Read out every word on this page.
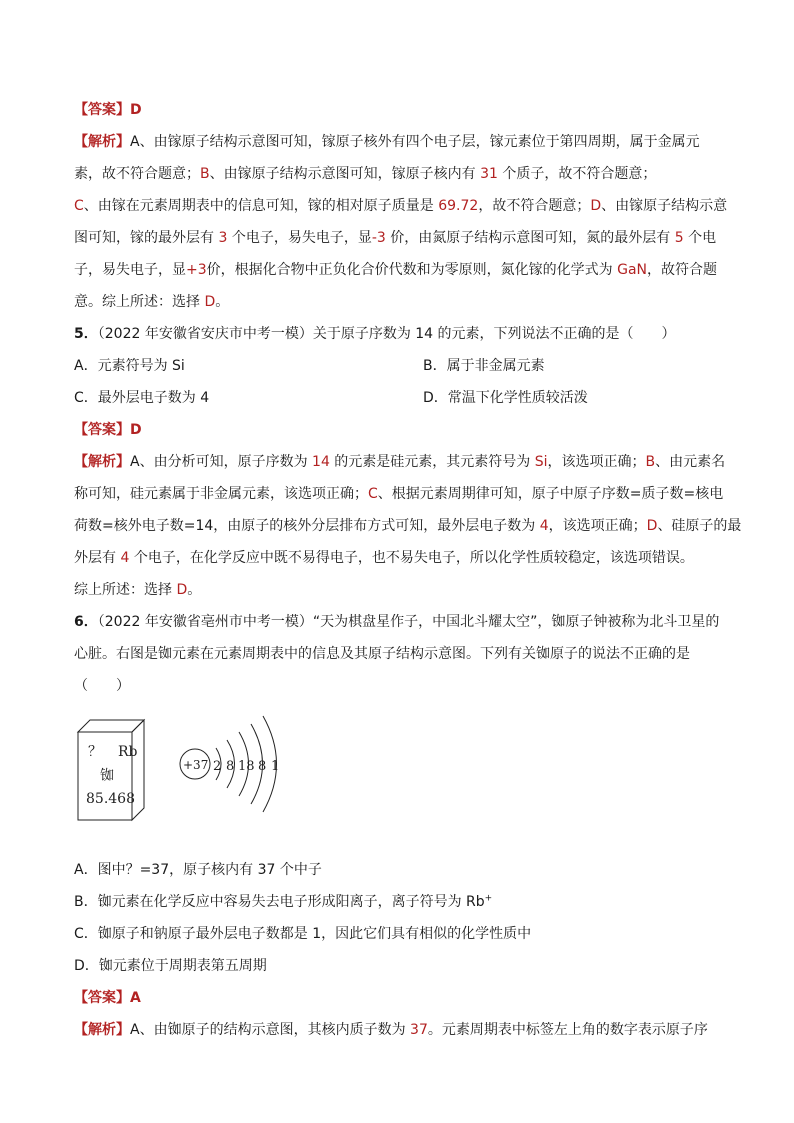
【答案】D
【解析】A、由镓原子结构示意图可知，镓原子核外有四个电子层，镓元素位于第四周期，属于金属元
素，故不符合题意；B、由镓原子结构示意图可知，镓原子核内有 31 个质子，故不符合题意；
C、由镓在元素周期表中的信息可知，镓的相对原子质量是 69.72，故不符合题意；D、由镓原子结构示意
图可知，镓的最外层有 3 个电子，易失电子，显-3 价，由氮原子结构示意图可知，氮的最外层有 5 个电
子，易失电子，显+3价，根据化合物中正负化合价代数和为零原则，氮化镓的化学式为 GaN，故符合题
意。综上所述：选择 D。
5．（2022 年安徽省安庆市中考一模）关于原子序数为 14 的元素，下列说法不正确的是（　　）
A．元素符号为 Si	B．属于非金属元素
C．最外层电子数为 4	D．常温下化学性质较活泼
【答案】D
【解析】A、由分析可知，原子序数为 14 的元素是硅元素，其元素符号为 Si，该选项正确；B、由元素名
称可知，硅元素属于非金属元素，该选项正确；C、根据元素周期律可知，原子中原子序数=质子数=核电
荷数=核外电子数=14，由原子的核外分层排布方式可知，最外层电子数为 4，该选项正确；D、硅原子的最
外层有 4 个电子，在化学反应中既不易得电子，也不易失电子，所以化学性质较稳定，该选项错误。
综上所述：选择 D。
6．（2022 年安徽省亳州市中考一模）“天为棋盘星作子，中国北斗耀太空”，铷原子钟被称为北斗卫星的
心脏。右图是铷元素在元素周期表中的信息及其原子结构示意图。下列有关铷原子的说法不正确的是
（　　）
？ Rb
铷
85.468
+37 2 8 18 8 1
A．图中？=37，原子核内有 37 个中子
B．铷元素在化学反应中容易失去电子形成阳离子，离子符号为 Rb+
C．铷原子和钠原子最外层电子数都是 1，因此它们具有相似的化学性质中
D．铷元素位于周期表第五周期
【答案】A
【解析】A、由铷原子的结构示意图，其核内质子数为 37。元素周期表中标签左上角的数字表示原子序
